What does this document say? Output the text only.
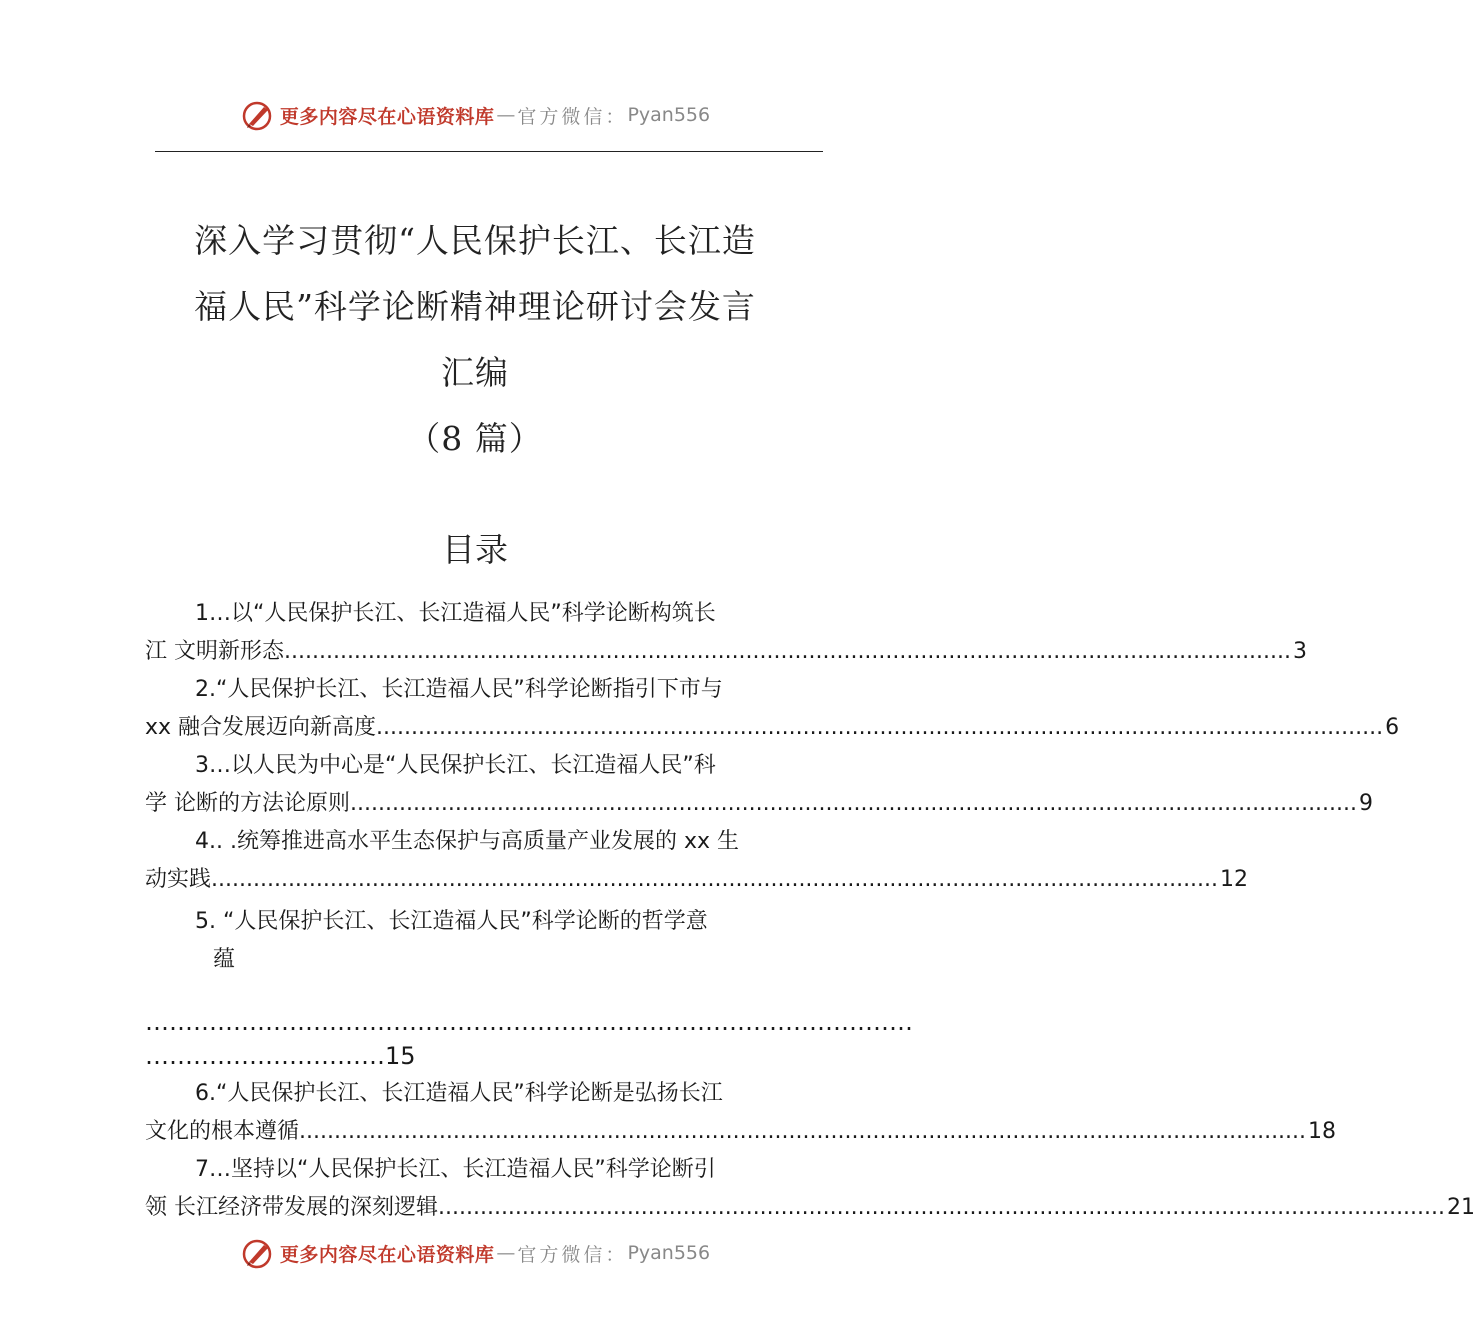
更多内容尽在心语资料库 — 官方微信： Pyan556
深入学习贯彻“人民保护长江、长江造
福人民”科学论断精神理论研讨会发言
汇编
（8 篇）
目录
1…以“人民保护长江、长江造福人民”科学论断构筑长
江 文明新形态 .....	3
2.“人民保护长江、长江造福人民”科学论断指引下市与
xx 融合发展迈向新高度 .....	6
3…以人民为中心是“人民保护长江、长江造福人民”科
学 论断的方法论原则 .....	9
4.. .统筹推进高水平生态保护与高质量产业发展的 xx 生
动实践 .....	12
5. “人民保护长江、长江造福人民”科学论断的哲学意
蕴
……………………………………………………………………………………
…………………………15
6.“人民保护长江、长江造福人民”科学论断是弘扬长江
文化的根本遵循 .....	18
7…坚持以“人民保护长江、长江造福人民”科学论断引
领 长江经济带发展的深刻逻辑 .....	21
更多内容尽在心语资料库 — 官方微信： Pyan556
